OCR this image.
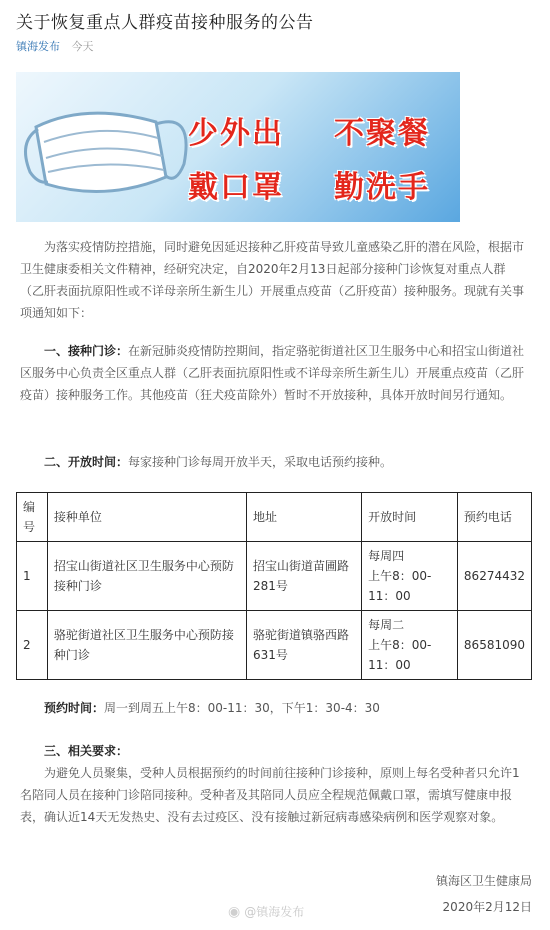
关于恢复重点人群疫苗接种服务的公告
镇海发布 今天
少外出 不聚餐
戴口罩 勤洗手

为落实疫情防控措施，同时避免因延迟接种乙肝疫苗导致儿童感染乙肝的潜在风险，根据市卫生健康委相关文件精神，经研究决定，自2020年2月13日起部分接种门诊恢复对重点人群（乙肝表面抗原阳性或不详母亲所生新生儿）开展重点疫苗（乙肝疫苗）接种服务。现就有关事项通知如下：

一、接种门诊：在新冠肺炎疫情防控期间，指定骆驼街道社区卫生服务中心和招宝山街道社区服务中心负责全区重点人群（乙肝表面抗原阳性或不详母亲所生新生儿）开展重点疫苗（乙肝疫苗）接种服务工作。其他疫苗（狂犬疫苗除外）暂时不开放接种，具体开放时间另行通知。

二、开放时间：每家接种门诊每周开放半天，采取电话预约接种。

编号	接种单位	地址	开放时间	预约电话
1	招宝山街道社区卫生服务中心预防接种门诊	招宝山街道苗圃路281号	每周四
上午8：00-11：00	86274432
2	骆驼街道社区卫生服务中心预防接种门诊	骆驼街道镇骆西路631号	每周二
上午8：00-11：00	86581090

预约时间：周一到周五上午8：00-11：30，下午1：30-4：30

三、相关要求：

为避免人员聚集，受种人员根据预约的时间前往接种门诊接种，原则上每名受种者只允许1名陪同人员在接种门诊陪同接种。受种者及其陪同人员应全程规范佩戴口罩，需填写健康申报表，确认近14天无发热史、没有去过疫区、没有接触过新冠病毒感染病例和医学观察对象。

镇海区卫生健康局
2020年2月12日
◉ @镇海发布
